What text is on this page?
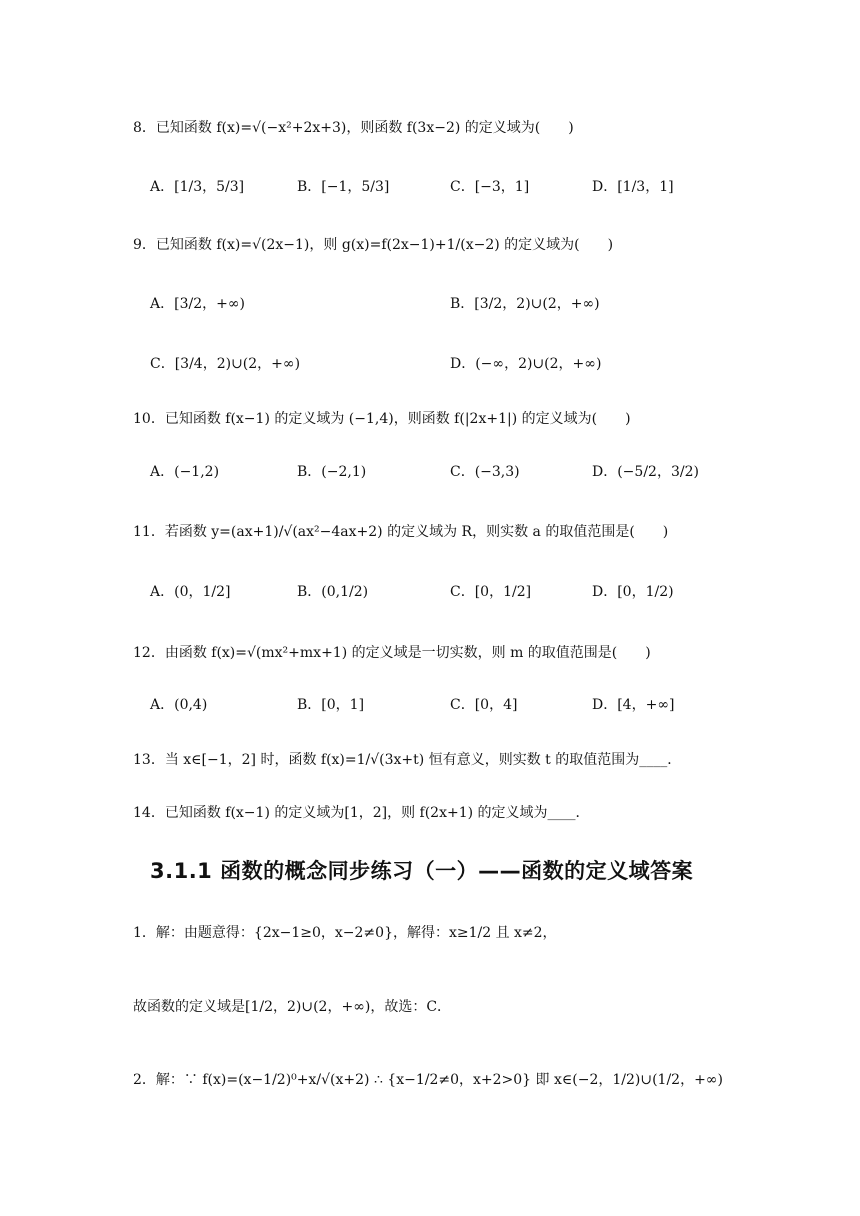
8．已知函数 f(x)=√(−x²+2x+3)，则函数 f(3x−2) 的定义域为(　　)
A．[1/3，5/3]	B．[−1，5/3]	C．[−3，1]	D．[1/3，1]
9．已知函数 f(x)=√(2x−1)，则 g(x)=f(2x−1)+1/(x−2) 的定义域为(　　)
A．[3/2，+∞)	B．[3/2，2)∪(2，+∞)
C．[3/4，2)∪(2，+∞)	D．(−∞，2)∪(2，+∞)
10．已知函数 f(x−1) 的定义域为 (−1,4)，则函数 f(|2x+1|) 的定义域为(　　)
A．(−1,2)	B．(−2,1)	C．(−3,3)	D．(−5/2，3/2)
11．若函数 y=(ax+1)/√(ax²−4ax+2) 的定义域为 R，则实数 a 的取值范围是(　　)
A．(0，1/2]	B．(0,1/2)	C．[0，1/2]	D．[0，1/2)
12．由函数 f(x)=√(mx²+mx+1) 的定义域是一切实数，则 m 的取值范围是(　　)
A．(0,4)	B．[0，1]	C．[0，4]	D．[4，+∞]
13．当 x∈[−1，2] 时，函数 f(x)=1/√(3x+t) 恒有意义，则实数 t 的取值范围为____．
14．已知函数 f(x−1) 的定义域为[1，2]，则 f(2x+1) 的定义域为____．
3.1.1 函数的概念同步练习（一）——函数的定义域答案
1．解：由题意得：{2x−1≥0，x−2≠0}，解得：x≥1/2 且 x≠2，
故函数的定义域是[1/2，2)∪(2，+∞)，故选：C．
2．解：∵ f(x)=(x−1/2)⁰+x/√(x+2) ∴ {x−1/2≠0，x+2>0} 即 x∈(−2，1/2)∪(1/2，+∞)
